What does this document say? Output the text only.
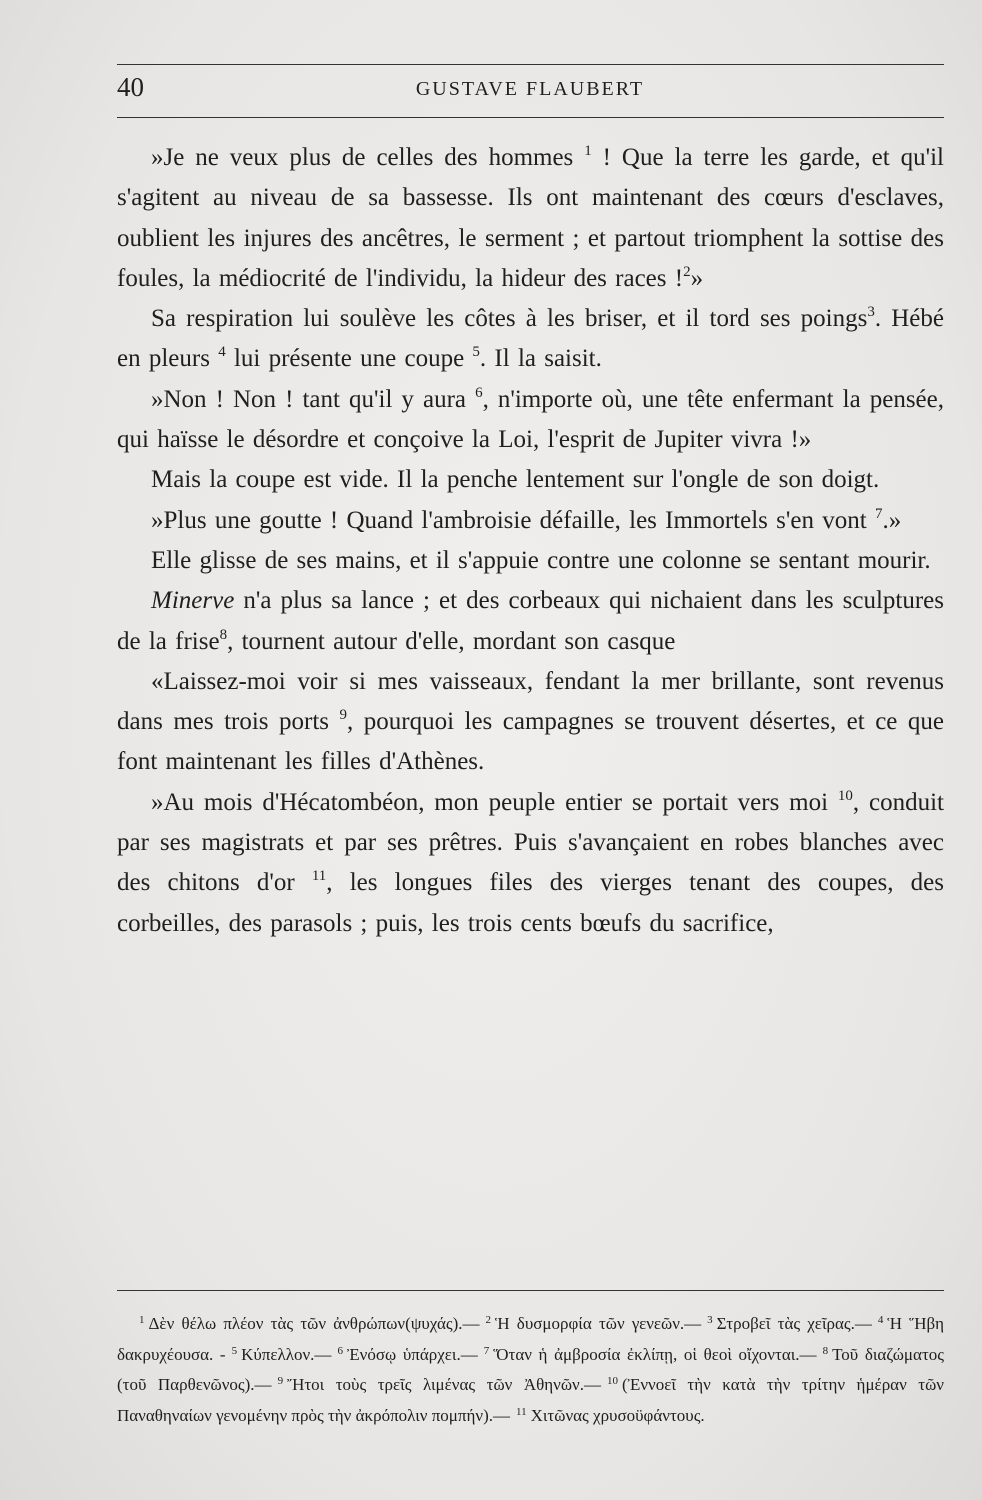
40	GUSTAVE FLAUBERT

»Je ne veux plus de celles des hommes $^1$ ! Que la terre les garde, et qu'il s'agitent au niveau de sa bassesse. Ils ont maintenant des cœurs d'esclaves, oublient les injures des ancêtres, le serment ; et partout triomphent la sottise des foules, la médiocrité de l'individu, la hideur des races !$^2$»

Sa respiration lui soulève les côtes à les briser, et il tord ses poings$^3$. Hébé en pleurs $^4$ lui présente une coupe $^5$. Il la saisit.

»Non ! Non ! tant qu'il y aura $^6$, n'importe où, une tête enfermant la pensée, qui haïsse le désordre et conçoive la Loi, l'esprit de Jupiter vivra !»

Mais la coupe est vide. Il la penche lentement sur l'ongle de son doigt.

»Plus une goutte ! Quand l'ambroisie défaille, les Immortels s'en vont $^7$.»

Elle glisse de ses mains, et il s'appuie contre une colonne se sentant mourir.

Minerve n'a plus sa lance ; et des corbeaux qui nichaient dans les sculptures de la frise$^8$, tournent autour d'elle, mordant son casque

«Laissez-moi voir si mes vaisseaux, fendant la mer brillante, sont revenus dans mes trois ports $^9$, pourquoi les campagnes se trouvent désertes, et ce que font maintenant les filles d'Athènes.

»Au mois d'Hécatombéon, mon peuple entier se portait vers moi $^{10}$, conduit par ses magistrats et par ses prêtres. Puis s'avançaient en robes blanches avec des chitons d'or $^{11}$, les longues files des vierges tenant des coupes, des corbeilles, des parasols ; puis, les trois cents bœufs du sacrifice,

$^1$ Δὲν θέλω πλέον τὰς τῶν ἀνθρώπων(ψυχάς).— $^2$ Ἡ δυσμορφία τῶν γενεῶν.— $^3$ Στροβεῖ τὰς χεῖρας.— $^4$ Ἡ Ἥβη δακρυχέουσα. - $^5$ Κύπελλον.— $^6$ Ἐνόσῳ ὑπάρχει.— $^7$ Ὅταν ἡ ἀμβροσία ἐκλίπῃ, οἱ θεοὶ οἴχονται.— $^8$ Τοῦ διαζώματος (τοῦ Παρθενῶνος).— $^9$ Ἤτοι τοὺς τρεῖς λιμένας τῶν Ἀθηνῶν.— $^{10}$ (Ἐννοεῖ τὴν κατὰ τὴν τρίτην ἡμέραν τῶν Παναθηναίων γενομένην πρὸς τὴν ἀκρόπολιν πομπήν).— $^{11}$ Χιτῶνας χρυσοϋφάντους.
